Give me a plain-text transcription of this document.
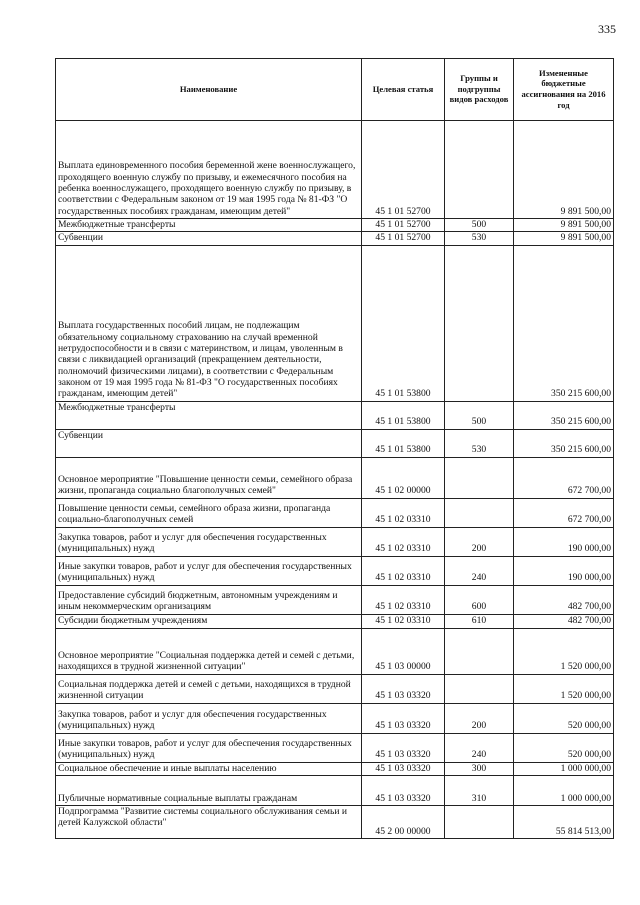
335
Наименование	Целевая статья	Группы и подгруппы видов расходов	Измененные бюджетные ассигнования на 2016 год
Выплата единовременного пособия беременной жене военнослужащего, проходящего военную службу по призыву, и ежемесячного пособия на ребенка военнослужащего, проходящего военную службу по призыву, в соответствии с Федеральным законом от 19 мая 1995 года № 81-ФЗ "О государственных пособиях гражданам, имеющим детей"	45 1 01 52700		9 891 500,00
Межбюджетные трансферты	45 1 01 52700	500	9 891 500,00
Субвенции	45 1 01 52700	530	9 891 500,00
Выплата государственных пособий лицам, не подлежащим обязательному социальному страхованию на случай временной нетрудоспособности и в связи с материнством, и лицам, уволенным в связи с ликвидацией организаций (прекращением деятельности, полномочий физическими лицами), в соответствии с Федеральным законом от 19 мая 1995 года № 81-ФЗ "О государственных пособиях гражданам, имеющим детей"	45 1 01 53800		350 215 600,00
Межбюджетные трансферты	45 1 01 53800	500	350 215 600,00
Субвенции	45 1 01 53800	530	350 215 600,00
Основное мероприятие "Повышение ценности семьи, семейного образа жизни, пропаганда социально благополучных семей"	45 1 02 00000		672 700,00
Повышение ценности семьи, семейного образа жизни, пропаганда социально-благополучных семей	45 1 02 03310		672 700,00
Закупка товаров, работ и услуг для обеспечения государственных (муниципальных) нужд	45 1 02 03310	200	190 000,00
Иные закупки товаров, работ и услуг для обеспечения государственных (муниципальных) нужд	45 1 02 03310	240	190 000,00
Предоставление субсидий бюджетным, автономным учреждениям и иным некоммерческим организациям	45 1 02 03310	600	482 700,00
Субсидии бюджетным учреждениям	45 1 02 03310	610	482 700,00
Основное мероприятие "Социальная поддержка детей и семей с детьми, находящихся в трудной жизненной ситуации"	45 1 03 00000		1 520 000,00
Социальная поддержка детей и семей с детьми, находящихся в трудной жизненной ситуации	45 1 03 03320		1 520 000,00
Закупка товаров, работ и услуг для обеспечения государственных (муниципальных) нужд	45 1 03 03320	200	520 000,00
Иные закупки товаров, работ и услуг для обеспечения государственных (муниципальных) нужд	45 1 03 03320	240	520 000,00
Социальное обеспечение и иные выплаты населению	45 1 03 03320	300	1 000 000,00
Публичные нормативные социальные выплаты гражданам	45 1 03 03320	310	1 000 000,00
Подпрограмма "Развитие системы социального обслуживания семьи и детей Калужской области"	45 2 00 00000		55 814 513,00
